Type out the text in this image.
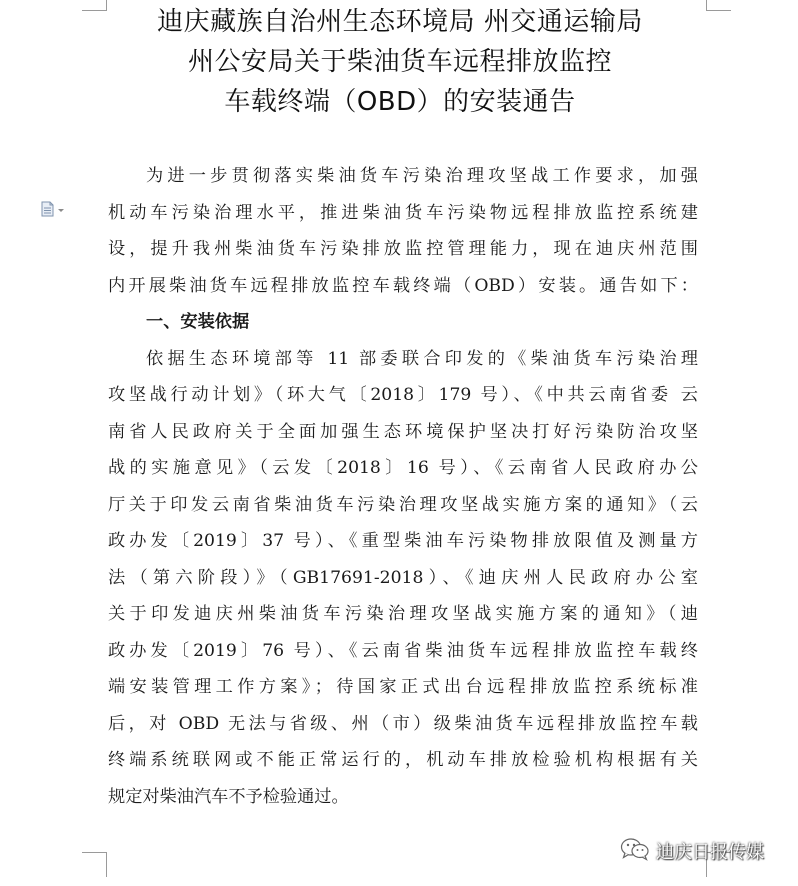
迪庆藏族自治州生态环境局 州交通运输局
州公安局关于柴油货车远程排放监控
车载终端（OBD）的安装通告
为进一步贯彻落实柴油货车污染治理攻坚战工作要求，加强
机动车污染治理水平，推进柴油货车污染物远程排放监控系统建
设，提升我州柴油货车污染排放监控管理能力，现在迪庆州范围
内开展柴油货车远程排放监控车载终端（OBD）安装。通告如下：
一、安装依据
依据生态环境部等 11 部委联合印发的《柴油货车污染治理
攻坚战行动计划》（环大气〔2018〕179 号）、《中共云南省委 云
南省人民政府关于全面加强生态环境保护坚决打好污染防治攻坚
战的实施意见》（云发〔2018〕16 号）、《云南省人民政府办公
厅关于印发云南省柴油货车污染治理攻坚战实施方案的通知》（云
政办发〔2019〕37 号）、《重型柴油车污染物排放限值及测量方
法（第六阶段）》（GB17691-2018）、《迪庆州人民政府办公室
关于印发迪庆州柴油货车污染治理攻坚战实施方案的通知》（迪
政办发〔2019〕76 号）、《云南省柴油货车远程排放监控车载终
端安装管理工作方案》；待国家正式出台远程排放监控系统标准
后，对 OBD 无法与省级、州（市）级柴油货车远程排放监控车载
终端系统联网或不能正常运行的，机动车排放检验机构根据有关
规定对柴油汽车不予检验通过。
迪庆日报传媒
